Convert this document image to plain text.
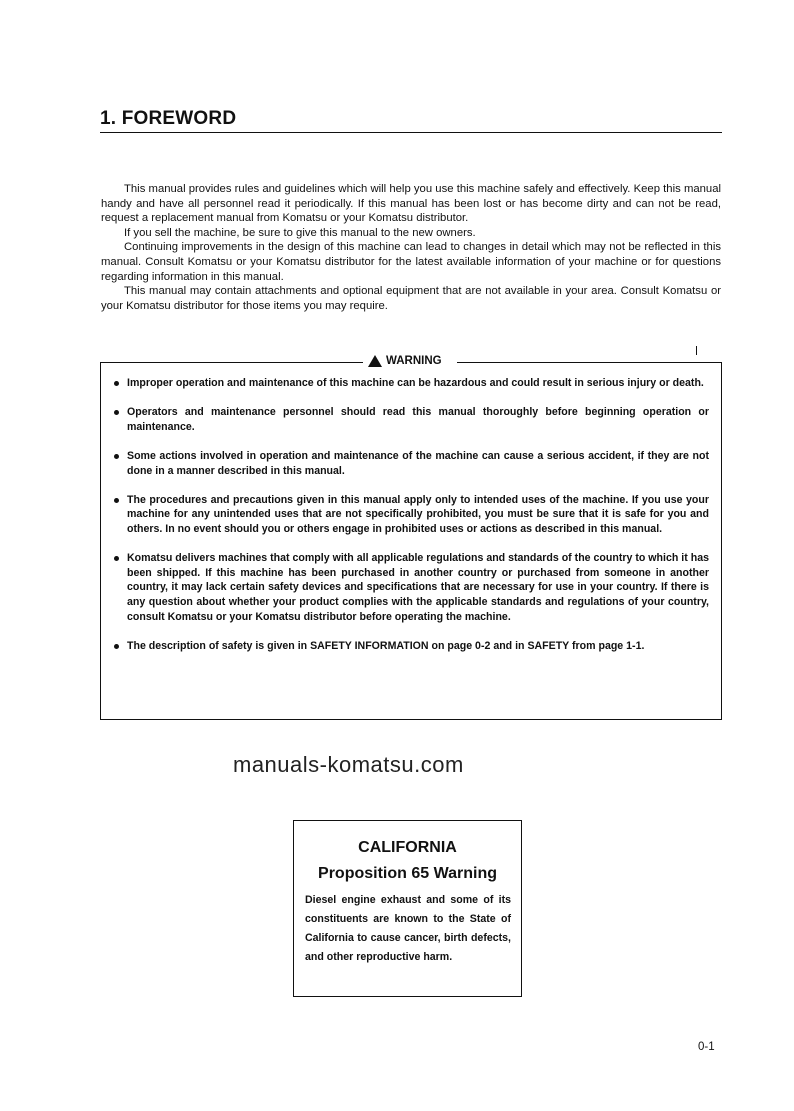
1. FOREWORD

This manual provides rules and guidelines which will help you use this machine safely and effectively. Keep this manual handy and have all personnel read it periodically. If this manual has been lost or has become dirty and can not be read, request a replacement manual from Komatsu or your Komatsu distributor.

If you sell the machine, be sure to give this manual to the new owners.

Continuing improvements in the design of this machine can lead to changes in detail which may not be reflected in this manual. Consult Komatsu or your Komatsu distributor for the latest available information of your machine or for questions regarding information in this manual.

This manual may contain attachments and optional equipment that are not available in your area. Consult Komatsu or your Komatsu distributor for those items you may require.

WARNING
Improper operation and maintenance of this machine can be hazardous and could result in serious injury or death.
Operators and maintenance personnel should read this manual thoroughly before beginning operation or maintenance.
Some actions involved in operation and maintenance of the machine can cause a serious accident, if they are not done in a manner described in this manual.
The procedures and precautions given in this manual apply only to intended uses of the machine. If you use your machine for any unintended uses that are not specifically prohibited, you must be sure that it is safe for you and others. In no event should you or others engage in prohibited uses or actions as described in this manual.
Komatsu delivers machines that comply with all applicable regulations and standards of the country to which it has been shipped. If this machine has been purchased in another country or purchased from someone in another country, it may lack certain safety devices and specifications that are necessary for use in your country. If there is any question about whether your product complies with the applicable standards and regulations of your country, consult Komatsu or your Komatsu distributor before operating the machine.
The description of safety is given in SAFETY INFORMATION on page 0-2 and in SAFETY from page 1-1.
manuals-komatsu.com
CALIFORNIA
Proposition 65 Warning

Diesel engine exhaust and some of its constituents are known to the State of California to cause cancer, birth defects, and other reproductive harm.

0-1
